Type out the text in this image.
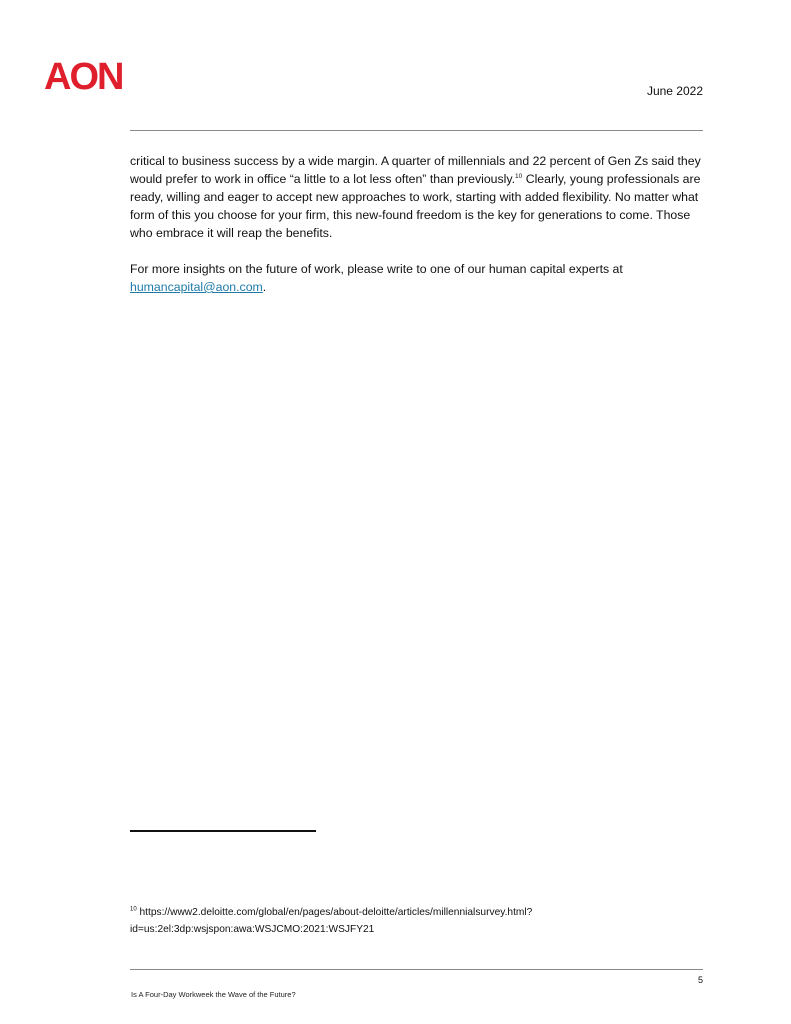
AON	June 2022

critical to business success by a wide margin. A quarter of millennials and 22 percent of Gen Zs said they would prefer to work in office “a little to a lot less often” than previously.$^{10}$ Clearly, young professionals are ready, willing and eager to accept new approaches to work, starting with added flexibility. No matter what form of this you choose for your firm, this new-found freedom is the key for generations to come. Those who embrace it will reap the benefits.

For more insights on the future of work, please write to one of our human capital experts at humancapital@aon.com.

$^{10}$ https://www2.deloitte.com/global/en/pages/about-deloitte/articles/millennialsurvey.html?id=us:2el:3dp:wsjspon:awa:WSJCMO:2021:WSJFY21
5
Is A Four-Day Workweek the Wave of the Future?
